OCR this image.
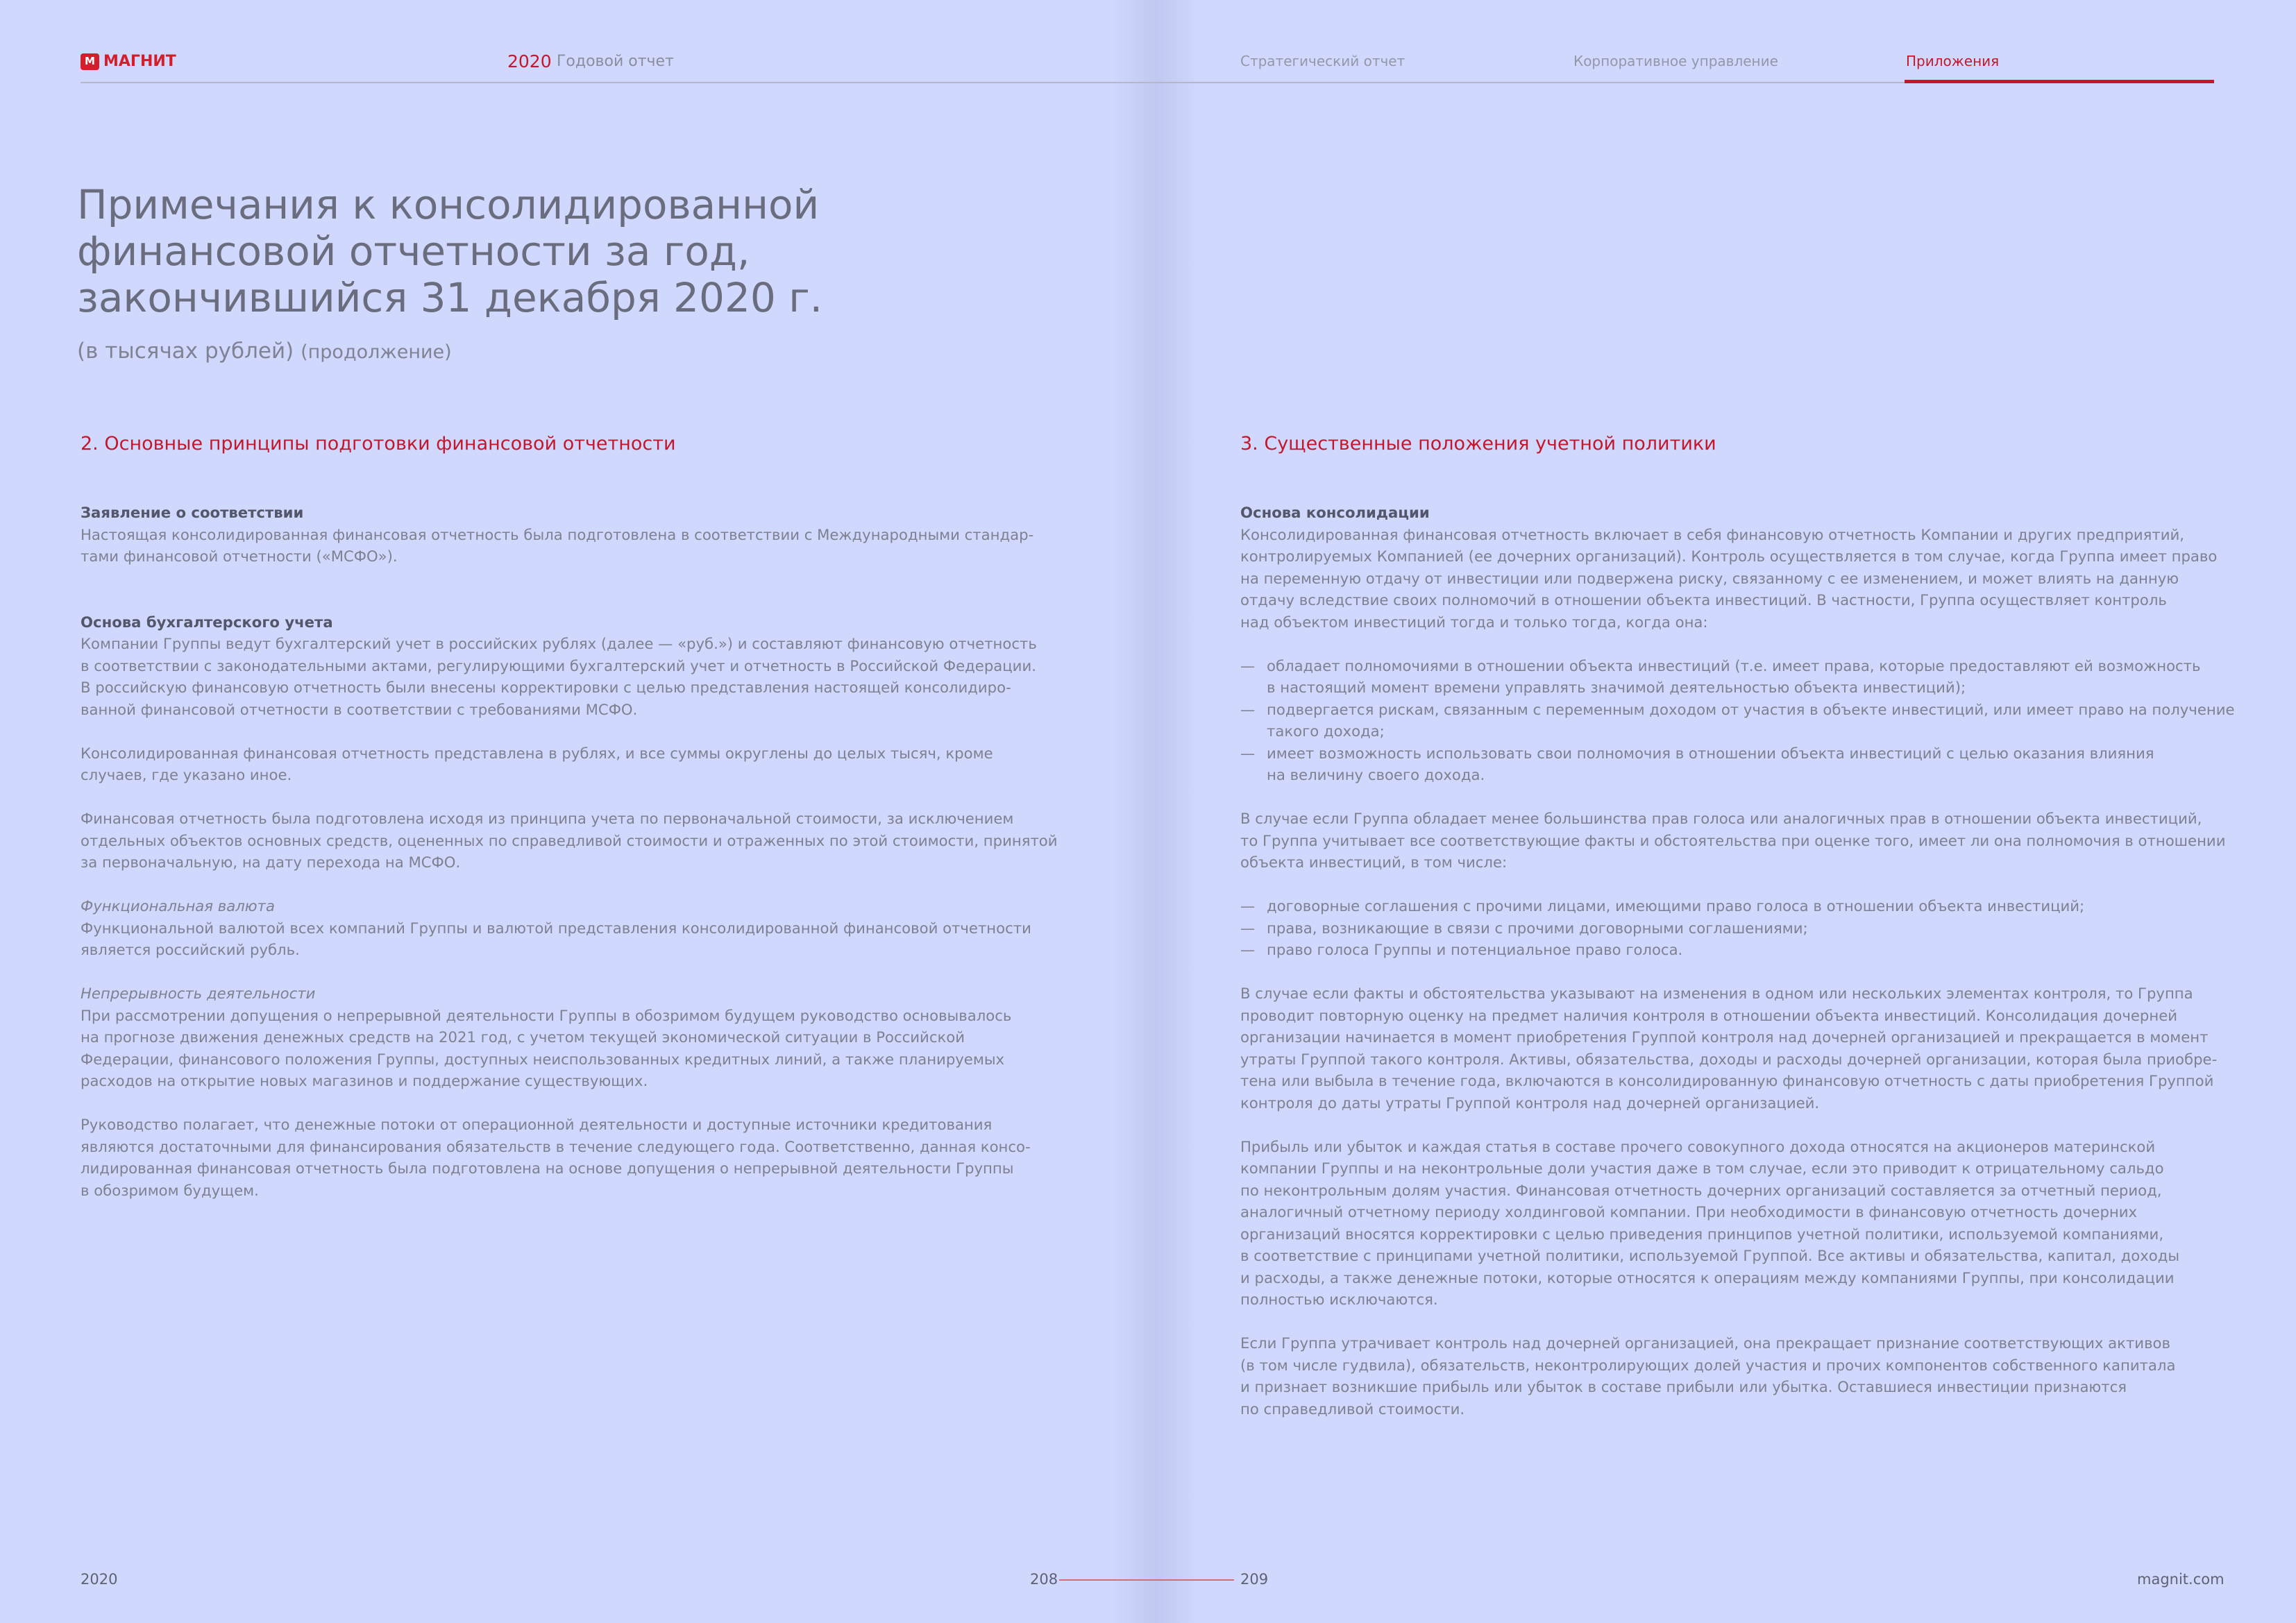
М МАГНИТ	2020 Годовой отчет	Стратегический отчет	Корпоративное управление	Приложения
Примечания к консолидированной
финансовой отчетности за год,
закончившийся 31 декабря 2020 г.
(в тысячах рублей) (продолжение)
2. Основные принципы подготовки финансовой отчетности

Заявление о соответствии

Настоящая консолидированная финансовая отчетность была подготовлена в соответствии с Международными стандар-

тами финансовой отчетности («МСФО»).

Основа бухгалтерского учета

Компании Группы ведут бухгалтерский учет в российских рублях (далее — «руб.») и составляют финансовую отчетность

в соответствии с законодательными актами, регулирующими бухгалтерский учет и отчетность в Российской Федерации.

В российскую финансовую отчетность были внесены корректировки с целью представления настоящей консолидиро-

ванной финансовой отчетности в соответствии с требованиями МСФО.

Консолидированная финансовая отчетность представлена в рублях, и все суммы округлены до целых тысяч, кроме

случаев, где указано иное.

Финансовая отчетность была подготовлена исходя из принципа учета по первоначальной стоимости, за исключением

отдельных объектов основных средств, оцененных по справедливой стоимости и отраженных по этой стоимости, принятой

за первоначальную, на дату перехода на МСФО.

Функциональная валюта

Функциональной валютой всех компаний Группы и валютой представления консолидированной финансовой отчетности

является российский рубль.

Непрерывность деятельности

При рассмотрении допущения о непрерывной деятельности Группы в обозримом будущем руководство основывалось

на прогнозе движения денежных средств на 2021 год, с учетом текущей экономической ситуации в Российской

Федерации, финансового положения Группы, доступных неиспользованных кредитных линий, а также планируемых

расходов на открытие новых магазинов и поддержание существующих.

Руководство полагает, что денежные потоки от операционной деятельности и доступные источники кредитования

являются достаточными для финансирования обязательств в течение следующего года. Соответственно, данная консо-

лидированная финансовая отчетность была подготовлена на основе допущения о непрерывной деятельности Группы

в обозримом будущем.

3. Существенные положения учетной политики

Основа консолидации

Консолидированная финансовая отчетность включает в себя финансовую отчетность Компании и других предприятий,

контролируемых Компанией (ее дочерних организаций). Контроль осуществляется в том случае, когда Группа имеет право

на переменную отдачу от инвестиции или подвержена риску, связанному с ее изменением, и может влиять на данную

отдачу вследствие своих полномочий в отношении объекта инвестиций. В частности, Группа осуществляет контроль

над объектом инвестиций тогда и только тогда, когда она:

— обладает полномочиями в отношении объекта инвестиций (т.е. имеет права, которые предоставляют ей возможность

в настоящий момент времени управлять значимой деятельностью объекта инвестиций);

— подвергается рискам, связанным с переменным доходом от участия в объекте инвестиций, или имеет право на получение

такого дохода;

— имеет возможность использовать свои полномочия в отношении объекта инвестиций с целью оказания влияния

на величину своего дохода.

В случае если Группа обладает менее большинства прав голоса или аналогичных прав в отношении объекта инвестиций,

то Группа учитывает все соответствующие факты и обстоятельства при оценке того, имеет ли она полномочия в отношении

объекта инвестиций, в том числе:

— договорные соглашения с прочими лицами, имеющими право голоса в отношении объекта инвестиций;

— права, возникающие в связи с прочими договорными соглашениями;

— право голоса Группы и потенциальное право голоса.

В случае если факты и обстоятельства указывают на изменения в одном или нескольких элементах контроля, то Группа

проводит повторную оценку на предмет наличия контроля в отношении объекта инвестиций. Консолидация дочерней

организации начинается в момент приобретения Группой контроля над дочерней организацией и прекращается в момент

утраты Группой такого контроля. Активы, обязательства, доходы и расходы дочерней организации, которая была приобре-

тена или выбыла в течение года, включаются в консолидированную финансовую отчетность с даты приобретения Группой

контроля до даты утраты Группой контроля над дочерней организацией.

Прибыль или убыток и каждая статья в составе прочего совокупного дохода относятся на акционеров материнской

компании Группы и на неконтрольные доли участия даже в том случае, если это приводит к отрицательному сальдо

по неконтрольным долям участия. Финансовая отчетность дочерних организаций составляется за отчетный период,

аналогичный отчетному периоду холдинговой компании. При необходимости в финансовую отчетность дочерних

организаций вносятся корректировки с целью приведения принципов учетной политики, используемой компаниями,

в соответствие с принципами учетной политики, используемой Группой. Все активы и обязательства, капитал, доходы

и расходы, а также денежные потоки, которые относятся к операциям между компаниями Группы, при консолидации

полностью исключаются.

Если Группа утрачивает контроль над дочерней организацией, она прекращает признание соответствующих активов

(в том числе гудвила), обязательств, неконтролирующих долей участия и прочих компонентов собственного капитала

и признает возникшие прибыль или убыток в составе прибыли или убытка. Оставшиеся инвестиции признаются

по справедливой стоимости.

2020	208	209	magnit.com
